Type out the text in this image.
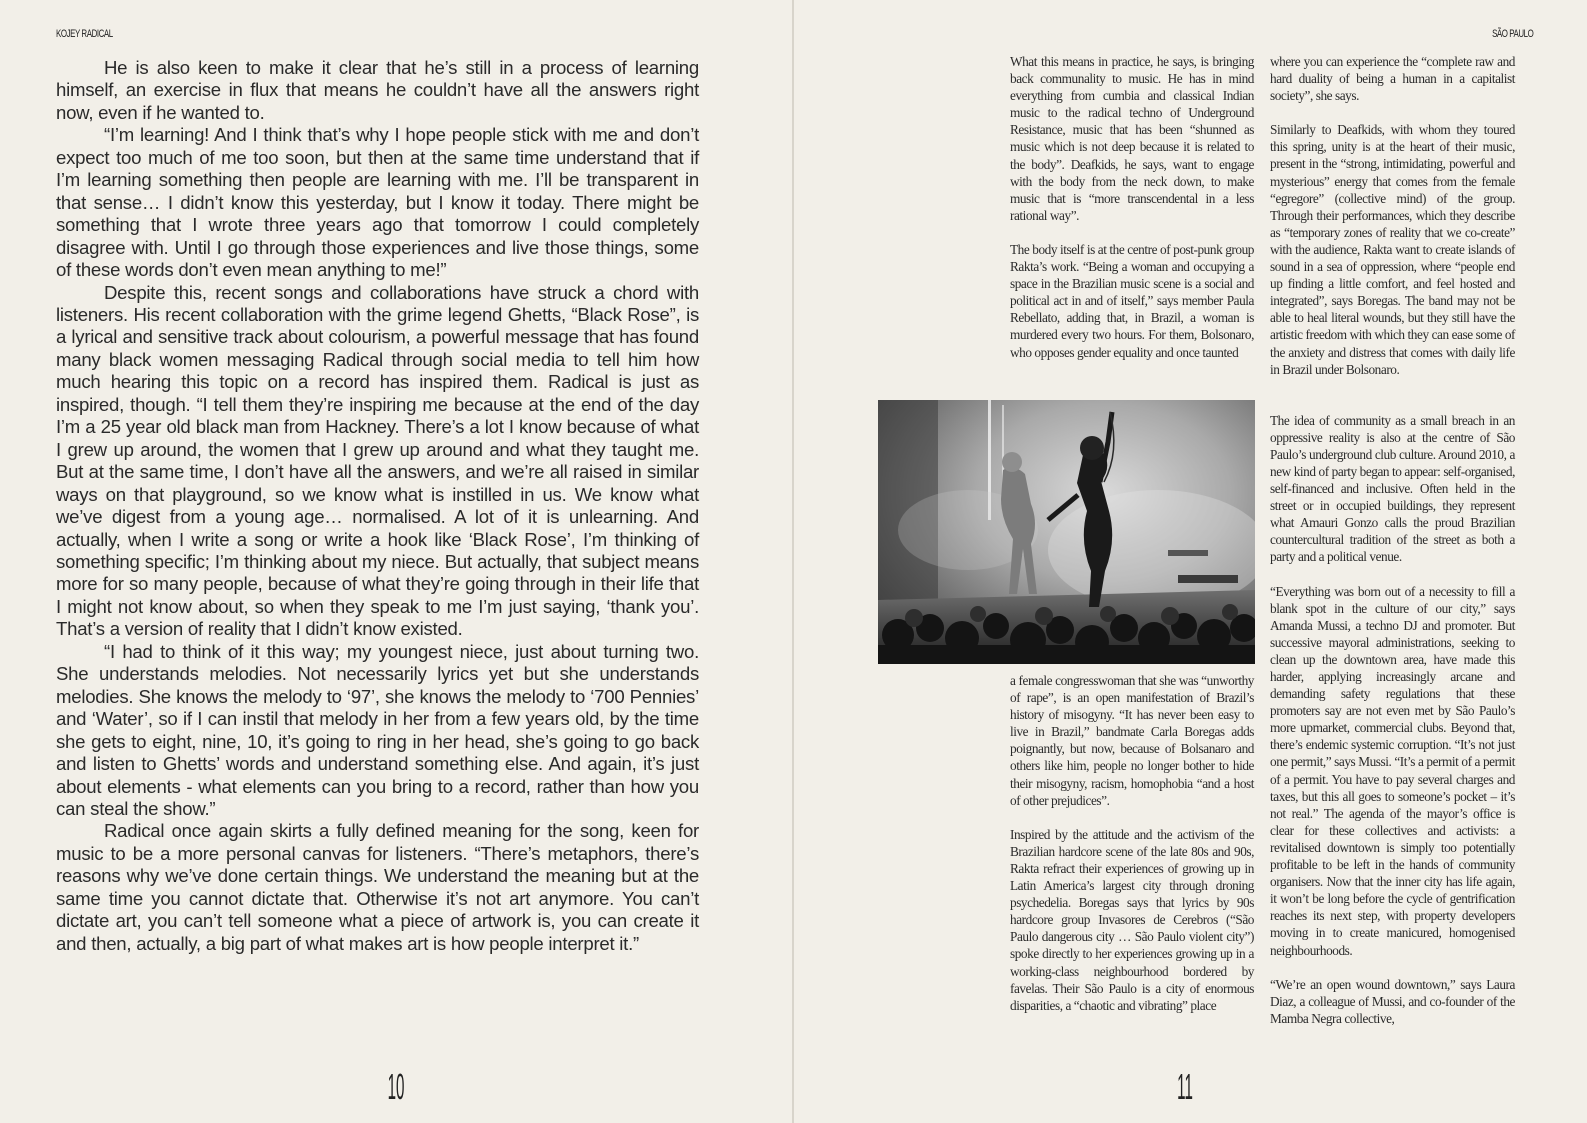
KOJEY RADICAL

He is also keen to make it clear that he’s still in a process of learning himself, an exercise in flux that means he couldn’t have all the answers right now, even if he wanted to.

“I’m learning! And I think that’s why I hope people stick with me and don’t expect too much of me too soon, but then at the same time understand that if I’m learning something then people are learning with me. I’ll be transparent in that sense… I didn’t know this yesterday, but I know it today. There might be something that I wrote three years ago that tomorrow I could completely disagree with. Until I go through those experiences and live those things, some of these words don’t even mean anything to me!”

Despite this, recent songs and collaborations have struck a chord with listeners. His recent collaboration with the grime legend Ghetts, “Black Rose”, is a lyrical and sensitive track about colourism, a powerful message that has found many black women messaging Radical through social media to tell him how much hearing this topic on a record has inspired them. Radical is just as inspired, though. “I tell them they’re inspiring me because at the end of the day I’m a 25 year old black man from Hackney. There’s a lot I know because of what I grew up around, the women that I grew up around and what they taught me. But at the same time, I don’t have all the answers, and we’re all raised in similar ways on that playground, so we know what is instilled in us. We know what we’ve digest from a young age… normalised. A lot of it is unlearning. And actually, when I write a song or write a hook like ‘Black Rose’, I’m thinking of something specific; I’m thinking about my niece. But actually, that subject means more for so many people, because of what they’re going through in their life that I might not know about, so when they speak to me I’m just saying, ‘thank you’. That’s a version of reality that I didn’t know existed.

“I had to think of it this way; my youngest niece, just about turning two. She understands melodies. Not necessarily lyrics yet but she understands melodies. She knows the melody to ‘97’, she knows the melody to ‘700 Pennies’ and ‘Water’, so if I can instil that melody in her from a few years old, by the time she gets to eight, nine, 10, it’s going to ring in her head, she’s going to go back and listen to Ghetts’ words and understand something else. And again, it’s just about elements - what elements can you bring to a record, rather than how you can steal the show.”

Radical once again skirts a fully defined meaning for the song, keen for music to be a more personal canvas for listeners. “There’s metaphors, there’s reasons why we’ve done certain things. We understand the meaning but at the same time you cannot dictate that. Otherwise it’s not art anymore. You can’t dictate art, you can’t tell someone what a piece of artwork is, you can create it and then, actually, a big part of what makes art is how people interpret it.”

10
SÃO PAULO

What this means in practice, he says, is bringing back communality to music. He has in mind everything from cumbia and classical Indian music to the radical techno of Underground Resistance, music that has been “shunned as music which is not deep because it is related to the body”. Deafkids, he says, want to engage with the body from the neck down, to make music that is “more transcendental in a less rational way”.

The body itself is at the centre of post-punk group Rakta’s work. “Being a woman and occupying a space in the Brazilian music scene is a social and political act in and of itself,” says member Paula Rebellato, adding that, in Brazil, a woman is murdered every two hours. For them, Bolsonaro, who opposes gender equality and once taunted

a female congresswoman that she was “unworthy of rape”, is an open manifestation of Brazil’s history of misogyny. “It has never been easy to live in Brazil,” bandmate Carla Boregas adds poignantly, but now, because of Bolsanaro and others like him, people no longer bother to hide their misogyny, racism, homophobia “and a host of other prejudices”.

Inspired by the attitude and the activism of the Brazilian hardcore scene of the late 80s and 90s, Rakta refract their experiences of growing up in Latin America’s largest city through droning psychedelia. Boregas says that lyrics by 90s hardcore group Invasores de Cerebros (“São Paulo dangerous city … São Paulo violent city”) spoke directly to her experiences growing up in a working-class neighbourhood bordered by favelas. Their São Paulo is a city of enormous disparities, a “chaotic and vibrating” place

where you can experience the “complete raw and hard duality of being a human in a capitalist society”, she says.

Similarly to Deafkids, with whom they toured this spring, unity is at the heart of their music, present in the “strong, intimidating, powerful and mysterious” energy that comes from the female “egregore” (collective mind) of the group. Through their performances, which they describe as “temporary zones of reality that we co-create” with the audience, Rakta want to create islands of sound in a sea of oppression, where “people end up finding a little comfort, and feel hosted and integrated”, says Boregas. The band may not be able to heal literal wounds, but they still have the artistic freedom with which they can ease some of the anxiety and distress that comes with daily life in Brazil under Bolsonaro.

The idea of community as a small breach in an oppressive reality is also at the centre of São Paulo’s underground club culture. Around 2010, a new kind of party began to appear: self-organised, self-financed and inclusive. Often held in the street or in occupied buildings, they represent what Amauri Gonzo calls the proud Brazilian countercultural tradition of the street as both a party and a political venue.

“Everything was born out of a necessity to fill a blank spot in the culture of our city,” says Amanda Mussi, a techno DJ and promoter. But successive mayoral administrations, seeking to clean up the downtown area, have made this harder, applying increasingly arcane and demanding safety regulations that these promoters say are not even met by São Paulo’s more upmarket, commercial clubs. Beyond that, there’s endemic systemic corruption. “It’s not just one permit,” says Mussi. “It’s a permit of a permit of a permit. You have to pay several charges and taxes, but this all goes to someone’s pocket – it’s not real.” The agenda of the mayor’s office is clear for these collectives and activists: a revitalised downtown is simply too potentially profitable to be left in the hands of community organisers. Now that the inner city has life again, it won’t be long before the cycle of gentrification reaches its next step, with property developers moving in to create manicured, homogenised neighbourhoods.

“We’re an open wound downtown,” says Laura Diaz, a colleague of Mussi, and co-founder of the Mamba Negra collective,

11
